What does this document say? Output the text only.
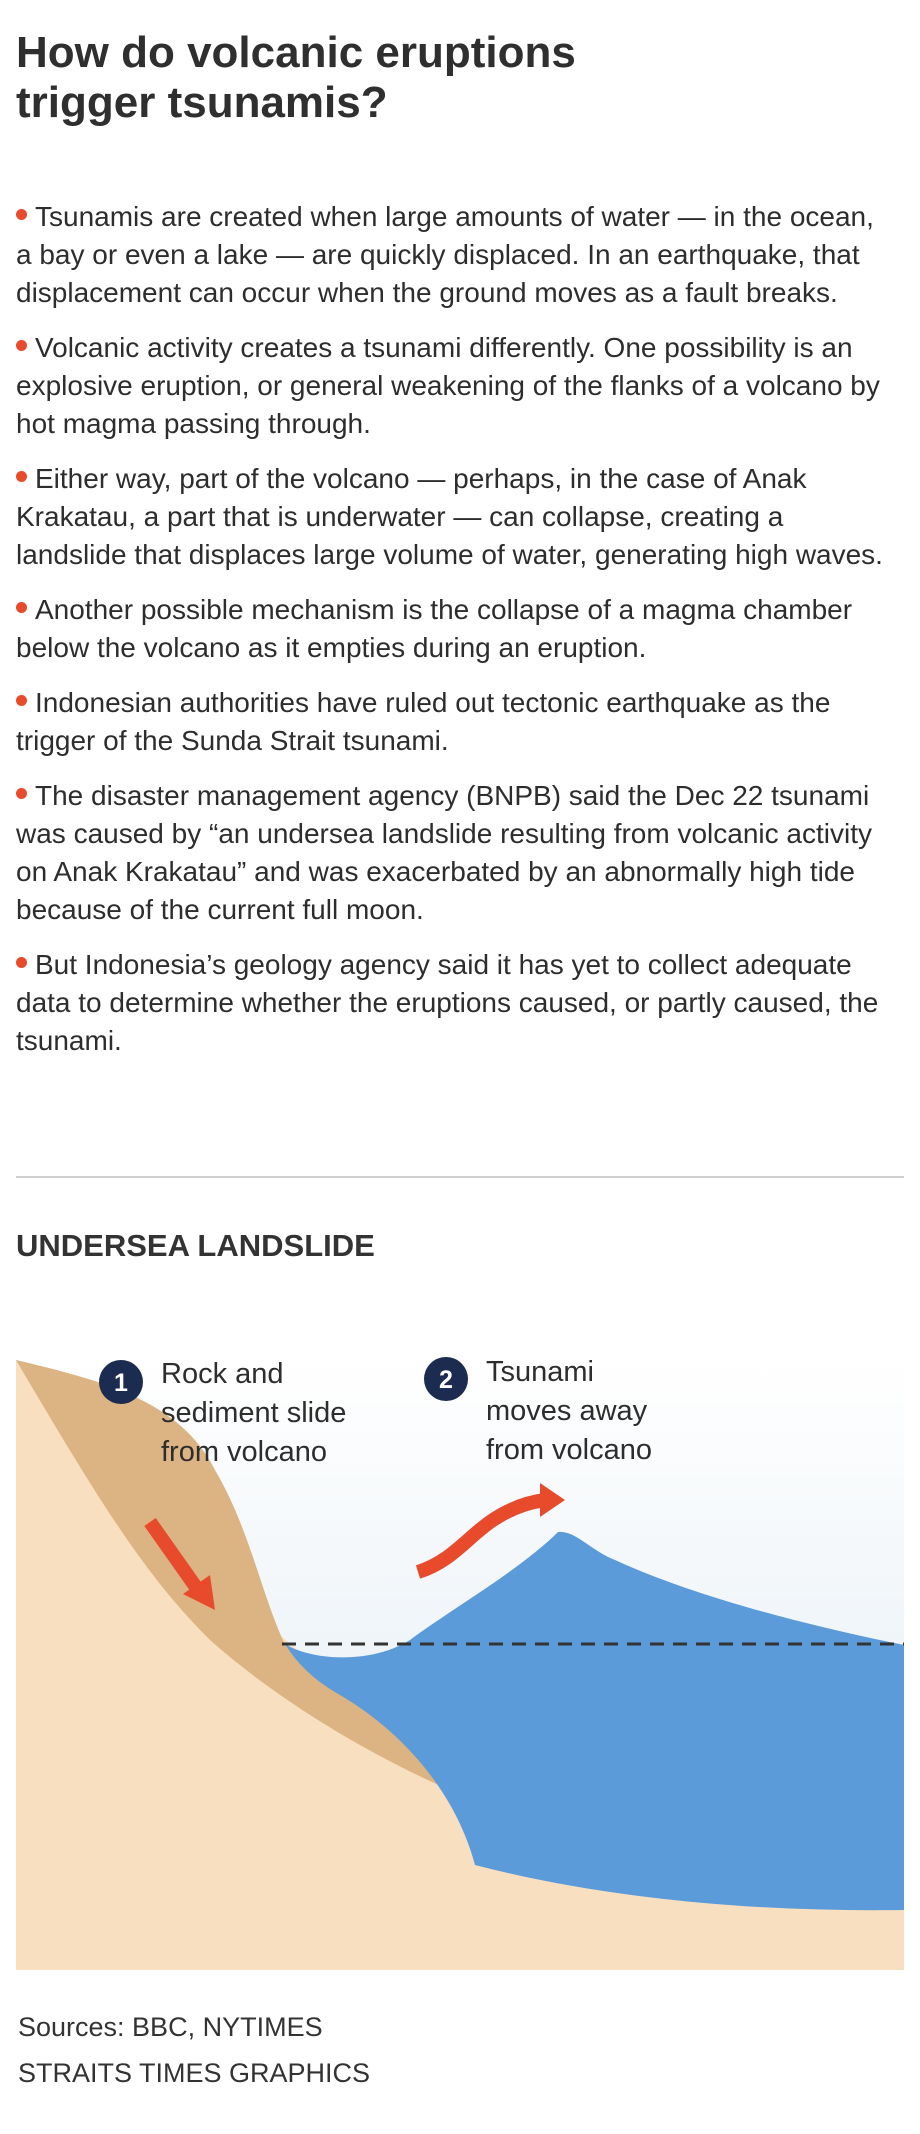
How do volcanic eruptions
trigger tsunamis?

Tsunamis are created when large amounts of water — in the ocean, a bay or even a lake — are quickly displaced. In an earthquake, that displacement can occur when the ground moves as a fault breaks.

Volcanic activity creates a tsunami differently. One possibility is an explosive eruption, or general weakening of the flanks of a volcano by hot magma passing through.

Either way, part of the volcano — perhaps, in the case of Anak Krakatau, a part that is underwater — can collapse, creating a landslide that displaces large volume of water, generating high waves.

Another possible mechanism is the collapse of a magma chamber below the volcano as it empties during an eruption.

Indonesian authorities have ruled out tectonic earthquake as the trigger of the Sunda Strait tsunami.

The disaster management agency (BNPB) said the Dec 22 tsunami was caused by “an undersea landslide resulting from volcanic activity on Anak Krakatau” and was exacerbated by an abnormally high tide because of the current full moon.

But Indonesia’s geology agency said it has yet to collect adequate data to determine whether the eruptions caused, or partly caused, the tsunami.

UNDERSEA LANDSLIDE
1 Rock and
sediment slide
from volcano
2 Tsunami
moves away
from volcano
Sources: BBC, NYTIMES
STRAITS TIMES GRAPHICS
